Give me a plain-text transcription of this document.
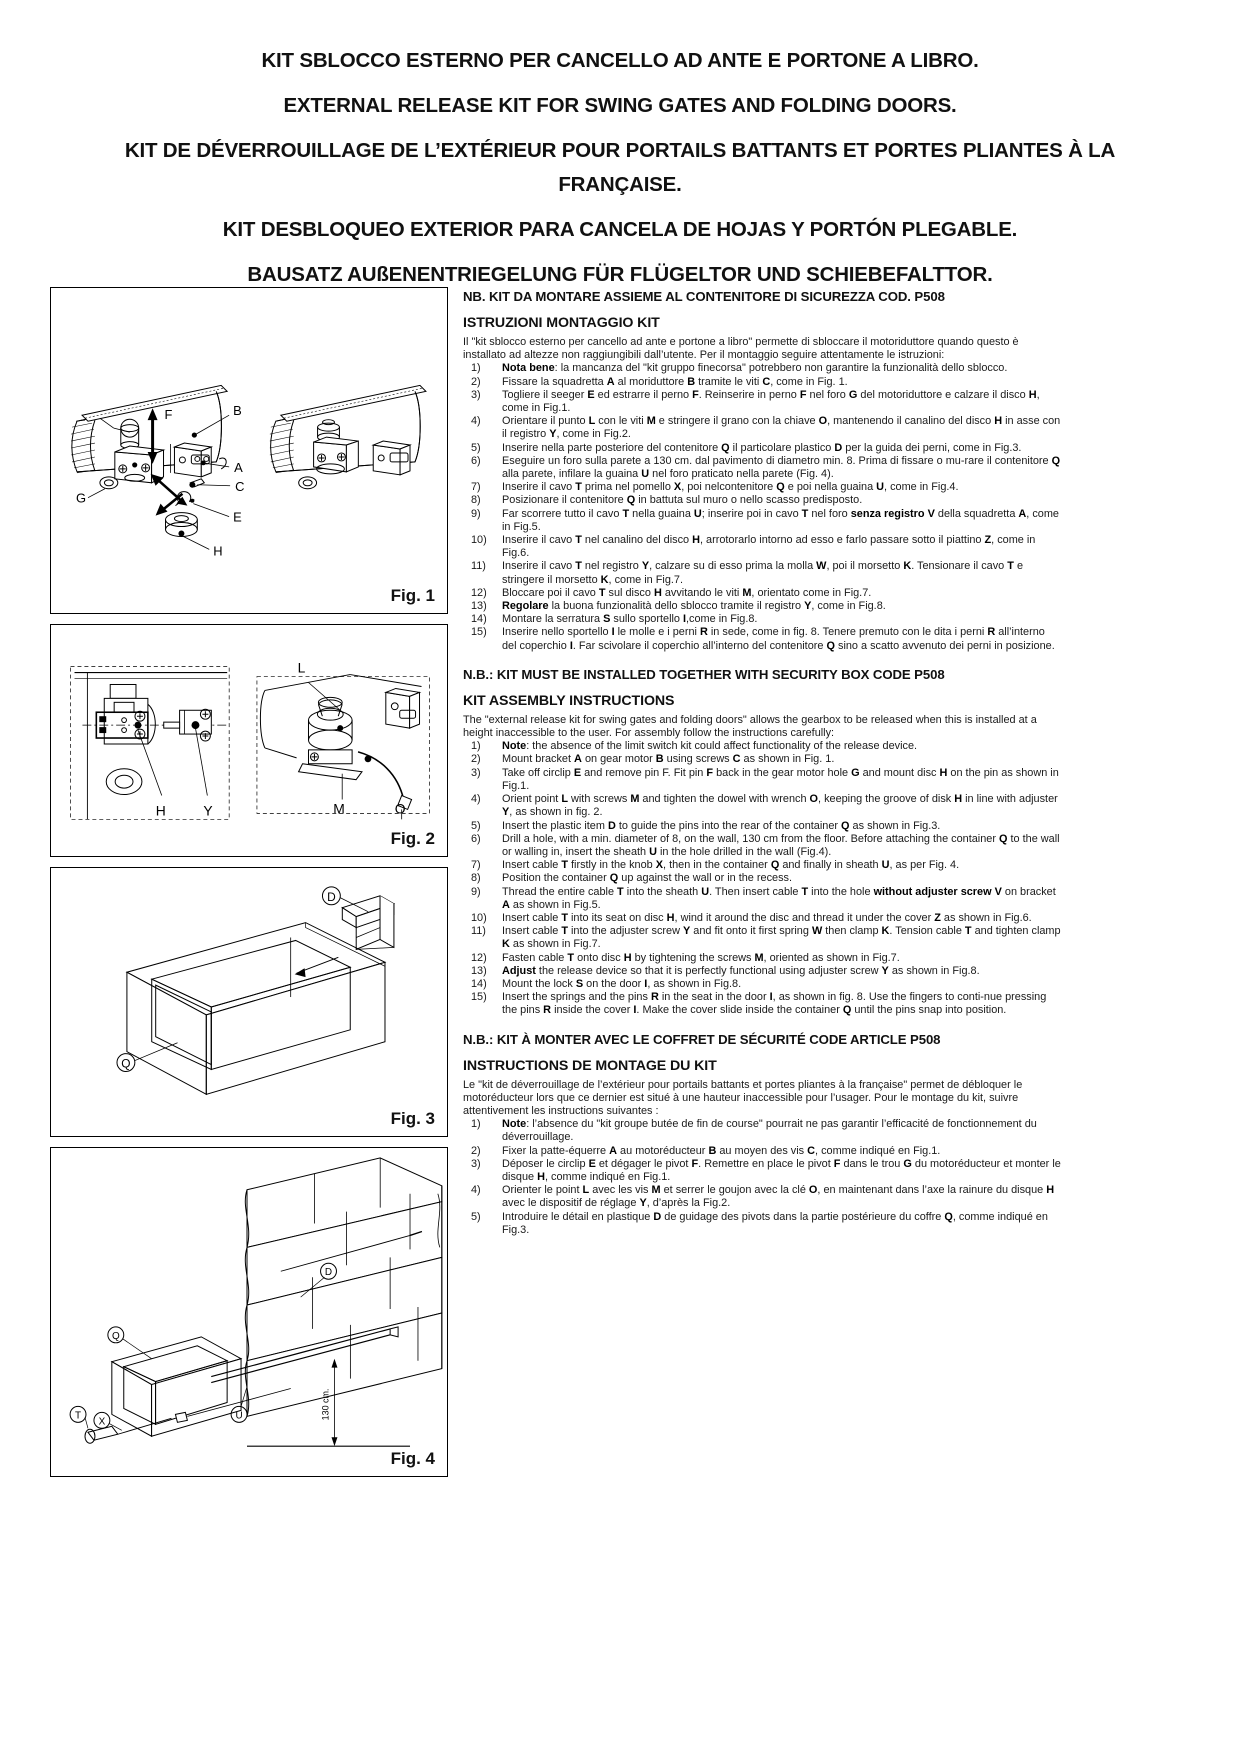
KIT SBLOCCO ESTERNO PER CANCELLO AD ANTE E PORTONE A LIBRO.
EXTERNAL RELEASE KIT FOR SWING GATES AND FOLDING DOORS.
KIT DE DÉVERROUILLAGE DE L’EXTÉRIEUR POUR PORTAILS BATTANTS ET PORTES PLIANTES À LA FRANÇAISE.
KIT DESBLOQUEO EXTERIOR PARA CANCELA DE HOJAS Y PORTÓN PLEGABLE.
BAUSATZ AUßENENTRIEGELUNG FÜR FLÜGELTOR UND SCHIEBEFALTTOR.
F	B
A
C
E
G
H
Fig. 1
L
H	Y	M	O
Fig. 2
D
Q
Fig. 3
Q
D
U
X
T	130 cm.
Fig. 4
NB. KIT DA MONTARE ASSIEME AL CONTENITORE DI SICUREZZA COD. P508
ISTRUZIONI MONTAGGIO KIT

Il "kit sblocco esterno per cancello ad ante e portone a libro" permette di sbloccare il motoriduttore quando questo è installato ad altezze non raggiungibili dall’utente. Per il montaggio seguire attentamente le istruzioni:

1)	Nota bene: la mancanza del "kit gruppo finecorsa" potrebbero non garantire la funzionalità dello sblocco.
2)	Fissare la squadretta A al moriduttore B tramite le viti C, come in Fig. 1.
3)	Togliere il seeger E ed estrarre il perno F. Reinserire in perno F nel foro G del motoriduttore e calzare il disco H, come in Fig.1.
4)	Orientare il punto L con le viti M e stringere il grano con la chiave O, mantenendo il canalino del disco H in asse con il registro Y, come in Fig.2.
5)	Inserire nella parte posteriore del contenitore Q il particolare plastico D per la guida dei perni, come in Fig.3.
6)	Eseguire un foro sulla parete a 130 cm. dal pavimento di diametro min. 8. Prima di fissare o mu-rare il contenitore Q alla parete, infilare la guaina U nel foro praticato nella parete (Fig. 4).
7)	Inserire il cavo T prima nel pomello X, poi nelcontenitore Q e poi nella guaina U, come in Fig.4.
8)	Posizionare il contenitore Q in battuta sul muro o nello scasso predisposto.
9)	Far scorrere tutto il cavo T nella guaina U; inserire poi in cavo T nel foro senza registro V della squadretta A, come in Fig.5.
10)	Inserire il cavo T nel canalino del disco H, arrotorarlo intorno ad esso e farlo passare sotto il piattino Z, come in Fig.6.
11)	Inserire il cavo T nel registro Y, calzare su di esso prima la molla W, poi il morsetto K. Tensionare il cavo T e stringere il morsetto K, come in Fig.7.
12)	Bloccare poi il cavo T sul disco H avvitando le viti M, orientato come in Fig.7.
13)	Regolare la buona funzionalità dello sblocco tramite il registro Y, come in Fig.8.
14)	Montare la serratura S sullo sportello I,come in Fig.8.
15)	Inserire nello sportello I le molle e i perni R in sede, come in fig. 8. Tenere premuto con le dita i perni R all’interno del coperchio I. Far scivolare il coperchio all’interno del contenitore Q sino a scatto avvenuto dei perni in posizione.
N.B.: KIT MUST BE INSTALLED TOGETHER WITH SECURITY BOX CODE P508
KIT ASSEMBLY INSTRUCTIONS

The "external release kit for swing gates and folding doors" allows the gearbox to be released when this is installed at a height inaccessible to the user. For assembly follow the instructions carefully:

1)	Note: the absence of the limit switch kit could affect functionality of the release device.
2)	Mount bracket A on gear motor B using screws C as shown in Fig. 1.
3)	Take off circlip E and remove pin F. Fit pin F back in the gear motor hole G and mount disc H on the pin as shown in Fig.1.
4)	Orient point L with screws M and tighten the dowel with wrench O, keeping the groove of disk H in line with adjuster Y, as shown in fig. 2.
5)	Insert the plastic item D to guide the pins into the rear of the container Q as shown in Fig.3.
6)	Drill a hole, with a min. diameter of 8, on the wall, 130 cm from the floor. Before attaching the container Q to the wall or walling in, insert the sheath U in the hole drilled in the wall (Fig.4).
7)	Insert cable T firstly in the knob X, then in the container Q and finally in sheath U, as per Fig. 4.
8)	Position the container Q up against the wall or in the recess.
9)	Thread the entire cable T into the sheath U. Then insert cable T into the hole without adjuster screw V on bracket A as shown in Fig.5.
10)	Insert cable T into its seat on disc H, wind it around the disc and thread it under the cover Z as shown in Fig.6.
11)	Insert cable T into the adjuster screw Y and fit onto it first spring W then clamp K. Tension cable T and tighten clamp K as shown in Fig.7.
12)	Fasten cable T onto disc H by tightening the screws M, oriented as shown in Fig.7.
13)	Adjust the release device so that it is perfectly functional using adjuster screw Y as shown in Fig.8.
14)	Mount the lock S on the door I, as shown in Fig.8.
15)	Insert the springs and the pins R in the seat in the door I, as shown in fig. 8. Use the fingers to conti-nue pressing the pins R inside the cover I. Make the cover slide inside the container Q until the pins snap into position.
N.B.: KIT À MONTER AVEC LE COFFRET DE SÉCURITÉ CODE ARTICLE P508
INSTRUCTIONS DE MONTAGE DU KIT

Le "kit de déverrouillage de l’extérieur pour portails battants et portes pliantes à la française" permet de débloquer le motoréducteur lors que ce dernier est situé à une hauteur inaccessible pour l’usager. Pour le montage du kit, suivre attentivement les instructions suivantes :

1)	Note: l’absence du "kit groupe butée de fin de course" pourrait ne pas garantir l’efficacité de fonctionnement du déverrouillage.
2)	Fixer la patte-équerre A au motoréducteur B au moyen des vis C, comme indiqué en Fig.1.
3)	Déposer le circlip E et dégager le pivot F. Remettre en place le pivot F dans le trou G du motoréducteur et monter le disque H, comme indiqué en Fig.1.
4)	Orienter le point L avec les vis M et serrer le goujon avec la clé O, en maintenant dans l’axe la rainure du disque H avec le dispositif de réglage Y, d’après la Fig.2.
5)	Introduire le détail en plastique D de guidage des pivots dans la partie postérieure du coffre Q, comme indiqué en Fig.3.
